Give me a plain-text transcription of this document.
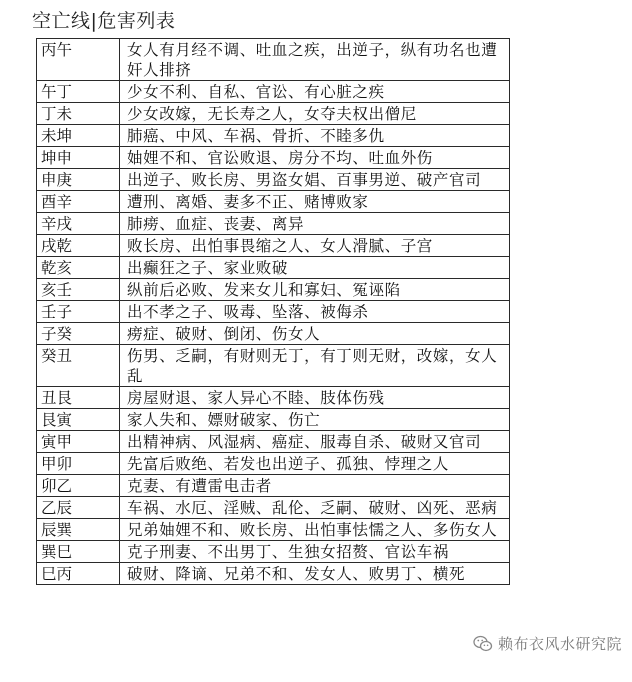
空亡线|危害列表
丙午	女人有月经不调、吐血之疾，出逆子，纵有功名也遭奸人排挤
午丁	少女不利、自私、官讼、有心脏之疾
丁未	少女改嫁，无长寿之人，女夺夫权出僧尼
未坤	肺癌、中风、车祸、骨折、不睦多仇
坤申	妯娌不和、官讼败退、房分不均、吐血外伤
申庚	出逆子、败长房、男盗女娼、百事男逆、破产官司
酉辛	遭刑、离婚、妻多不正、赌博败家
辛戌	肺痨、血症、丧妻、离异
戌乾	败长房、出怕事畏缩之人、女人滑腻、子宫
乾亥	出癫狂之子、家业败破
亥壬	纵前后必败、发来女儿和寡妇、冤诬陷
壬子	出不孝之子、吸毒、坠落、被侮杀
子癸	痨症、破财、倒闭、伤女人
癸丑	伤男、乏嗣，有财则无丁，有丁则无财，改嫁，女人乱
丑艮	房屋财退、家人异心不睦、肢体伤残
艮寅	家人失和、嫖财破家、伤亡
寅甲	出精神病、风湿病、癌症、服毒自杀、破财又官司
甲卯	先富后败绝、若发也出逆子、孤独、悖理之人
卯乙	克妻、有遭雷电击者
乙辰	车祸、水厄、淫贼、乱伦、乏嗣、破财、凶死、恶病
辰巽	兄弟妯娌不和、败长房、出怕事怯懦之人、多伤女人
巽巳	克子刑妻、不出男丁、生独女招赘、官讼车祸
巳丙	破财、降谪、兄弟不和、发女人、败男丁、横死
赖布衣风水研究院
